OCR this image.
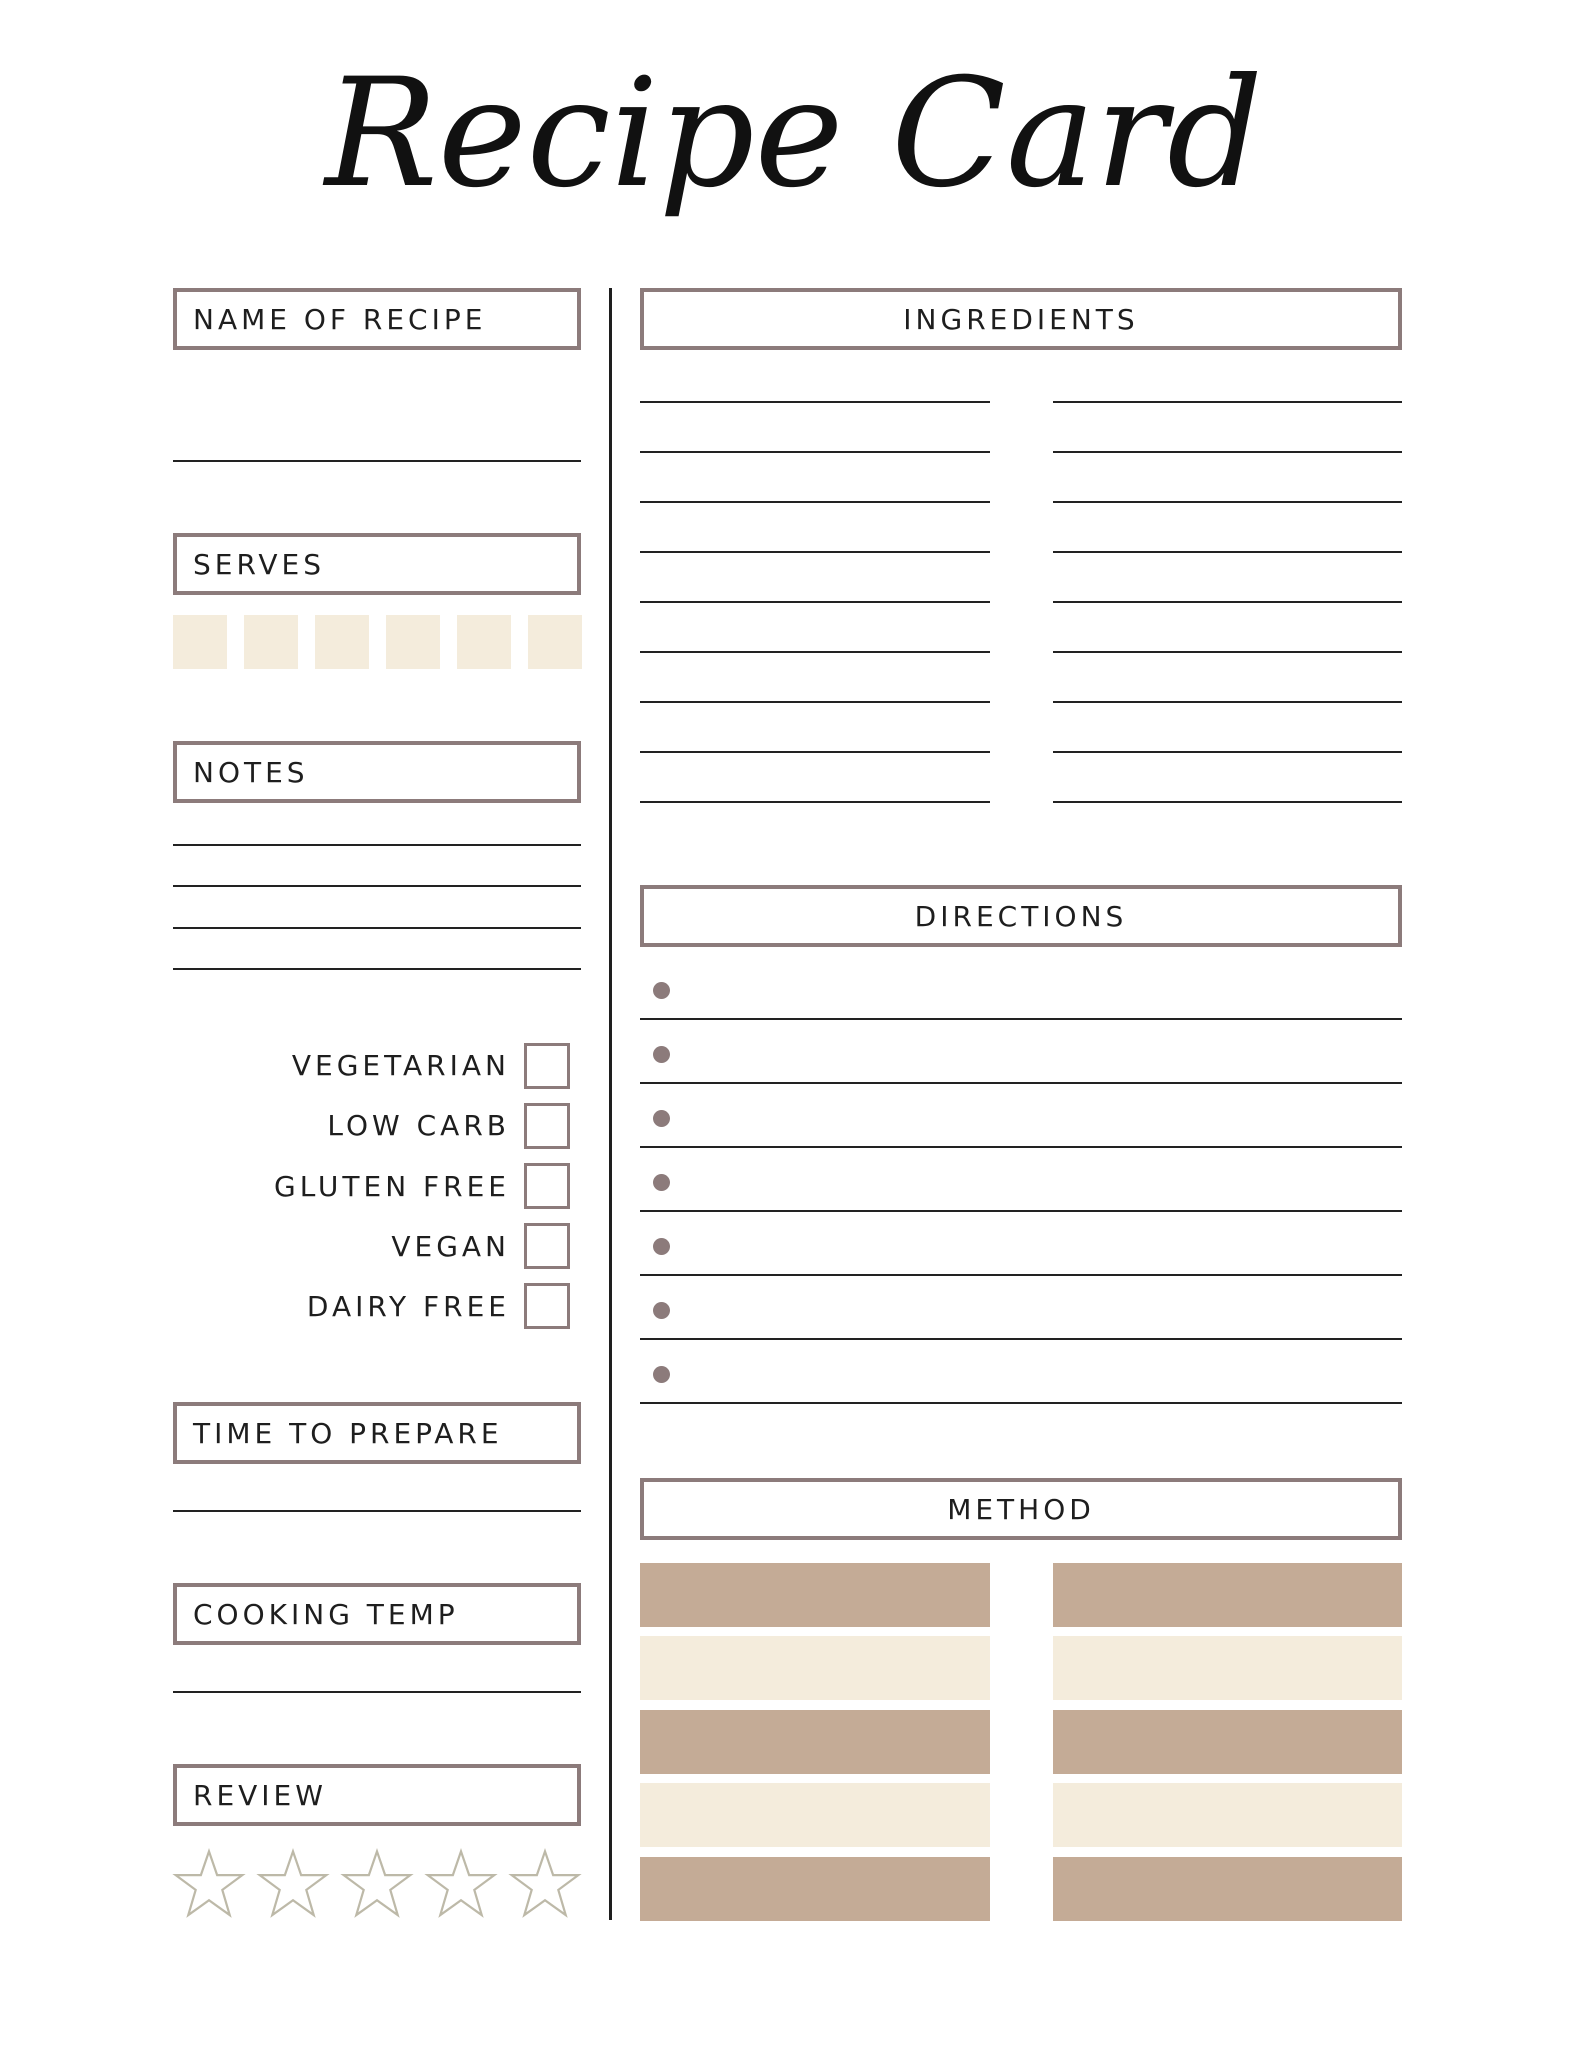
Recipe Card
NAME OF RECIPE
SERVES
NOTES
VEGETARIAN
LOW CARB
GLUTEN FREE
VEGAN
DAIRY FREE
TIME TO PREPARE
COOKING TEMP
REVIEW
INGREDIENTS
DIRECTIONS
METHOD
